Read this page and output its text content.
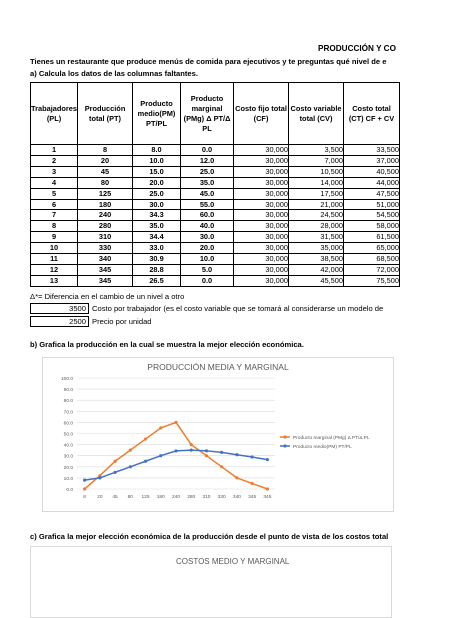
PRODUCCIÓN Y CO
Tienes un restaurante que produce menús de comida para ejecutivos y te preguntas qué nivel de e
a) Calcula los datos de las columnas faltantes.
Trabajadores (PL)	Producción total (PT)	Producto medio(PM) PT/PL	Producto marginal (PMg) Δ PT/Δ PL	Costo fijo total (CF)	Costo variable total (CV)	Costo total (CT) CF + CV
1	8	8.0	0.0	30,000	3,500	33,500
2	20	10.0	12.0	30,000	7,000	37,000
3	45	15.0	25.0	30,000	10,500	40,500
4	80	20.0	35.0	30,000	14,000	44,000
5	125	25.0	45.0	30,000	17,500	47,500
6	180	30.0	55.0	30,000	21,000	51,000
7	240	34.3	60.0	30,000	24,500	54,500
8	280	35.0	40.0	30,000	28,000	58,000
9	310	34.4	30.0	30,000	31,500	61,500
10	330	33.0	20.0	30,000	35,000	65,000
11	340	30.9	10.0	30,000	38,500	68,500
12	345	28.8	5.0	30,000	42,000	72,000
13	345	26.5	0.0	30,000	45,500	75,500
Δ*= Diferencia en el cambio de un nivel a otro
3500 Costo por trabajador (es el costo variable que se tomará al considerarse un modelo de
2500 Precio por unidad
b) Grafica la producción en la cual se muestra la mejor elección económica.
PRODUCCIÓN MEDIA Y MARGINAL
0.0
10.0
20.0
30.0
40.0
50.0
60.0
70.0
80.0
90.0
100.0
8 20 45 80 125 180 240 280 310 330 340 345 345
Producto marginal (PMg) Δ PT/Δ PL
Producto medio(PM) PT/PL
c) Grafica la mejor elección económica de la producción desde el punto de vista de los costos total
COSTOS MEDIO Y MARGINAL
